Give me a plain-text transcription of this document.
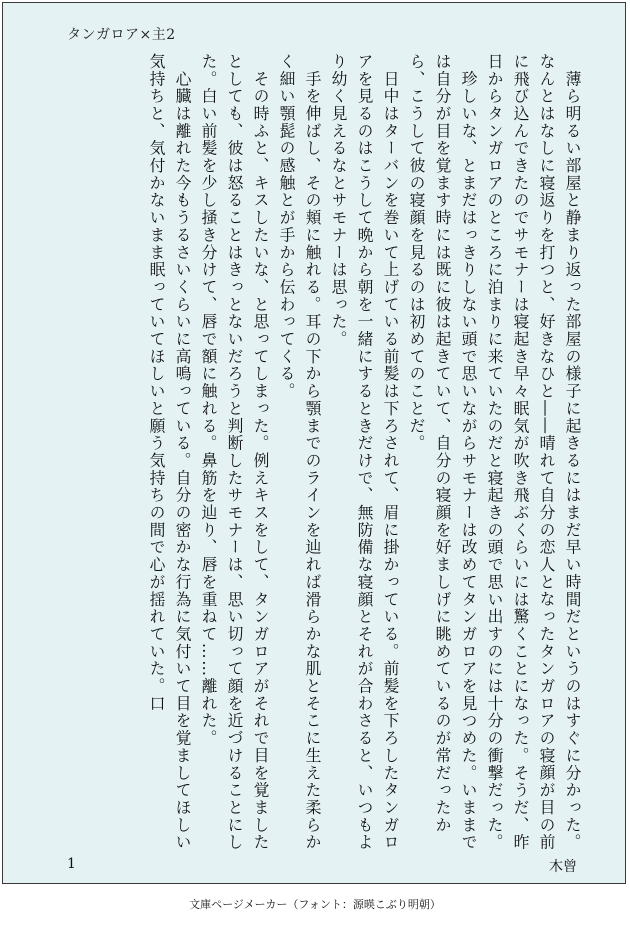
タンガロア×主2

　薄ら明るい部屋と静まり返った部屋の様子に起きるにはまだ早い時間だというのはすぐに分かった。なんとはなしに寝返りを打つと、好きなひと――晴れて自分の恋人となったタンガロアの寝顔が目の前に飛び込んできたのでサモナーは寝起き早々眠気が吹き飛ぶくらいには驚くことになった。そうだ、昨日からタンガロアのところに泊まりに来ていたのだと寝起きの頭で思い出すのには十分の衝撃だった。

　珍しいな、とまだはっきりしない頭で思いながらサモナーは改めてタンガロアを見つめた。いままでは自分が目を覚ます時には既に彼は起きていて、自分の寝顔を好ましげに眺めているのが常だったから、こうして彼の寝顔を見るのは初めてのことだ。

　日中はターバンを巻いて上げている前髪は下ろされて、眉に掛かっている。前髪を下ろしたタンガロアを見るのはこうして晩から朝を一緒にするときだけで、無防備な寝顔とそれが合わさると、いつもより幼く見えるなとサモナーは思った。

　手を伸ばし、その頬に触れる。耳の下から顎までのラインを辿れば滑らかな肌とそこに生えた柔らかく細い顎髭の感触とが手から伝わってくる。

　その時ふと、キスしたいな、と思ってしまった。例えキスをして、タンガロアがそれで目を覚ましたとしても、彼は怒ることはきっとないだろうと判断したサモナーは、思い切って顔を近づけることにした。白い前髪を少し掻き分けて、唇で額に触れる。鼻筋を辿り、唇を重ねて……離れた。

　心臓は離れた今もうるさいくらいに高鳴っている。自分の密かな行為に気付いて目を覚ましてほしい気持ちと、気付かないまま眠っていてほしいと願う気持ちの間で心が揺れていた。口

1	木曾
文庫ページメーカー（フォント：源暎こぶり明朝）
